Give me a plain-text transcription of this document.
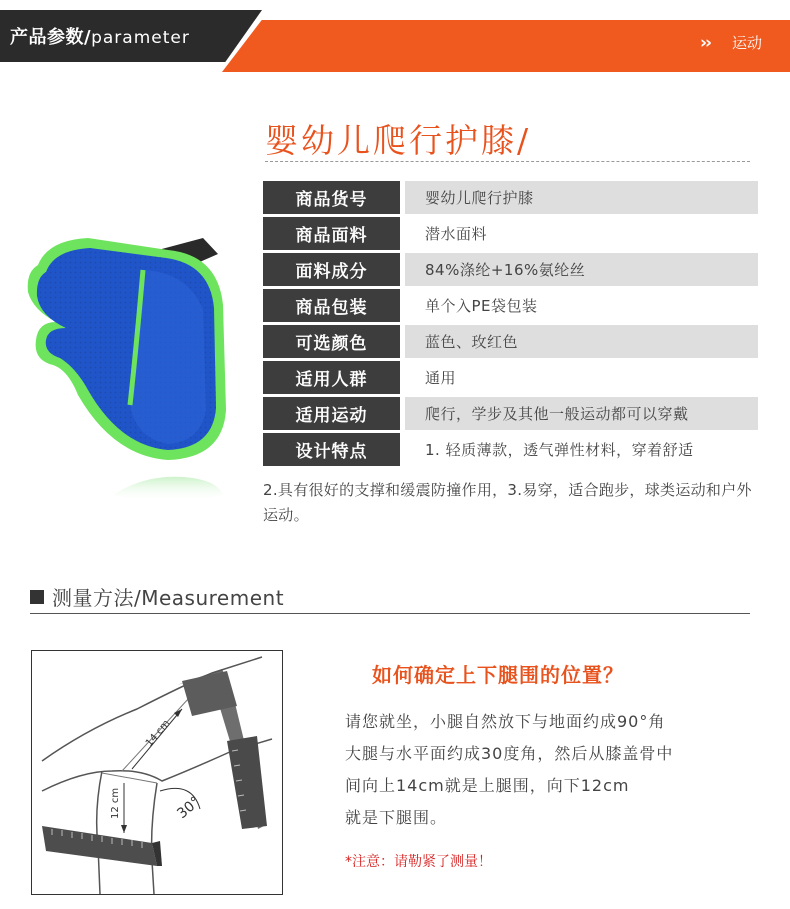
产品参数/parameter	›› 运动
婴幼儿爬行护膝/
商品货号	婴幼儿爬行护膝
商品面料	潜水面料
面料成分	84%涤纶+16%氨纶丝
商品包装	单个入PE袋包装
可选颜色	蓝色、玫红色
适用人群	通用
适用运动	爬行，学步及其他一般运动都可以穿戴
设计特点	1. 轻质薄款，透气弹性材料，穿着舒适
2.具有很好的支撑和缓震防撞作用，3.易穿，适合跑步，球类运动和户外运动。
测量方法/Measurement
14 cm
12 cm	30°
如何确定上下腿围的位置？
请您就坐，小腿自然放下与地面约成90°角
大腿与水平面约成30度角，然后从膝盖骨中
间向上14cm就是上腿围，向下12cm
就是下腿围。
*注意：请勒紧了测量！
